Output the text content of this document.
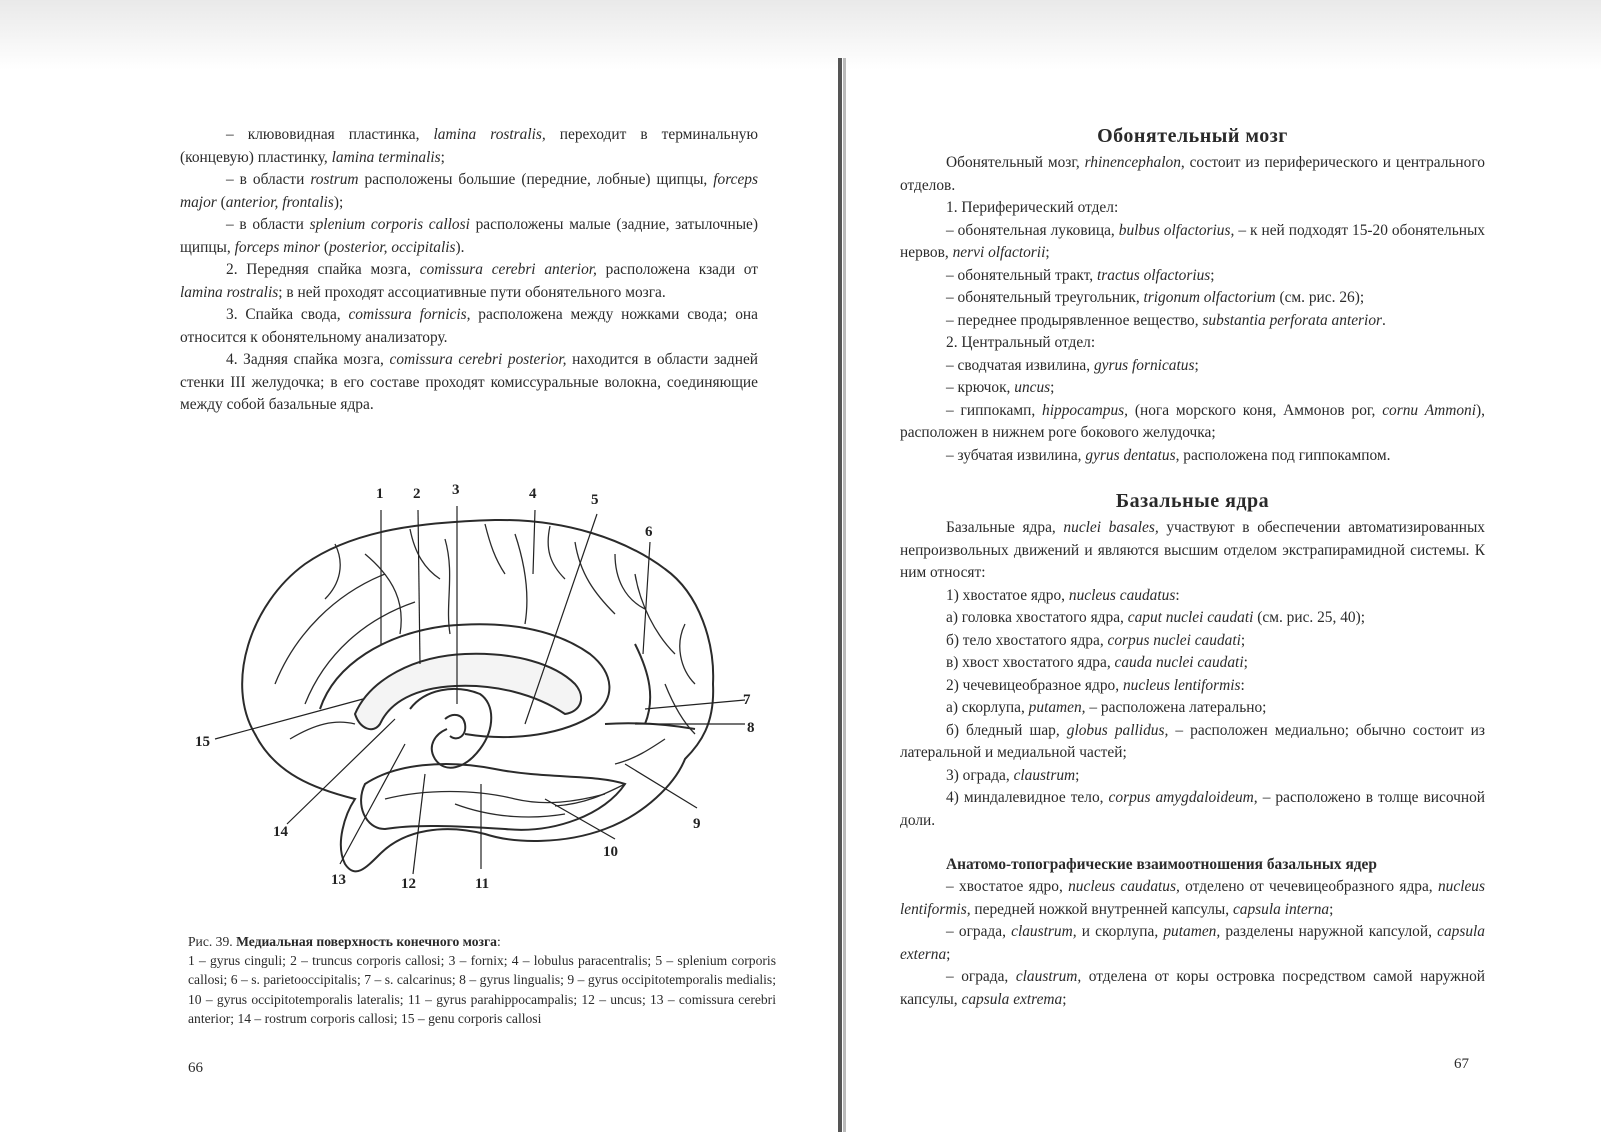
– клювовидная пластинка, lamina rostralis, переходит в терминальную (концевую) пластинку, lamina terminalis;

– в области rostrum расположены большие (передние, лобные) щипцы, forceps major (anterior, frontalis);

– в области splenium corporis callosi расположены малые (задние, затылочные) щипцы, forceps minor (posterior, occipitalis).

2. Передняя спайка мозга, comissura cerebri anterior, расположена кзади от lamina rostralis; в ней проходят ассоциативные пути обонятельного мозга.

3. Спайка свода, comissura fornicis, расположена между ножками свода; она относится к обонятельному анализатору.

4. Задняя спайка мозга, comissura cerebri posterior, находится в области задней стенки III желудочка; в его составе проходят комиссуральные волокна, соединяющие между собой базальные ядра.

1 2 3	4	5
6
7
8
9
10
11
12
13
14
15
Рис. 39. Медиальная поверхность конечного мозга:
1 – gyrus cinguli; 2 – truncus corporis callosi; 3 – fornix; 4 – lobulus paracentralis; 5 – splenium corporis callosi; 6 – s. parietooccipitalis; 7 – s. calcarinus; 8 – gyrus lingualis; 9 – gyrus occipitotemporalis medialis; 10 – gyrus occipitotemporalis lateralis; 11 – gyrus parahippocampalis; 12 – uncus; 13 – comissura cerebri anterior; 14 – rostrum corporis callosi; 15 – genu corporis callosi
66
Обонятельный мозг

Обонятельный мозг, rhinencephalon, состоит из периферического и центрального отделов.

1. Периферический отдел:

– обонятельная луковица, bulbus olfactorius, – к ней подходят 15-20 обонятельных нервов, nervi olfactorii;

– обонятельный тракт, tractus olfactorius;

– обонятельный треугольник, trigonum olfactorium (см. рис. 26);

– переднее продырявленное вещество, substantia perforata anterior.

2. Центральный отдел:

– сводчатая извилина, gyrus fornicatus;

– крючок, uncus;

– гиппокамп, hippocampus, (нога морского коня, Аммонов рог, cornu Ammoni), расположен в нижнем роге бокового желудочка;

– зубчатая извилина, gyrus dentatus, расположена под гиппокампом.

Базальные ядра

Базальные ядра, nuclei basales, участвуют в обеспечении автоматизированных непроизвольных движений и являются высшим отделом экстрапирамидной системы. К ним относят:

1) хвостатое ядро, nucleus caudatus:

а) головка хвостатого ядра, caput nuclei caudati (см. рис. 25, 40);

б) тело хвостатого ядра, corpus nuclei caudati;

в) хвост хвостатого ядра, cauda nuclei caudati;

2) чечевицеобразное ядро, nucleus lentiformis:

а) скорлупа, putamen, – расположена латерально;

б) бледный шар, globus pallidus, – расположен медиально; обычно состоит из латеральной и медиальной частей;

3) ограда, claustrum;

4) миндалевидное тело, corpus amygdaloideum, – расположено в толще височной доли.

Анатомо-топографические взаимоотношения базальных ядер

– хвостатое ядро, nucleus caudatus, отделено от чечевицеобразного ядра, nucleus lentiformis, передней ножкой внутренней капсулы, capsula interna;

– ограда, claustrum, и скорлупа, putamen, разделены наружной капсулой, capsula externa;

– ограда, claustrum, отделена от коры островка посредством самой наружной капсулы, capsula extrema;

67
